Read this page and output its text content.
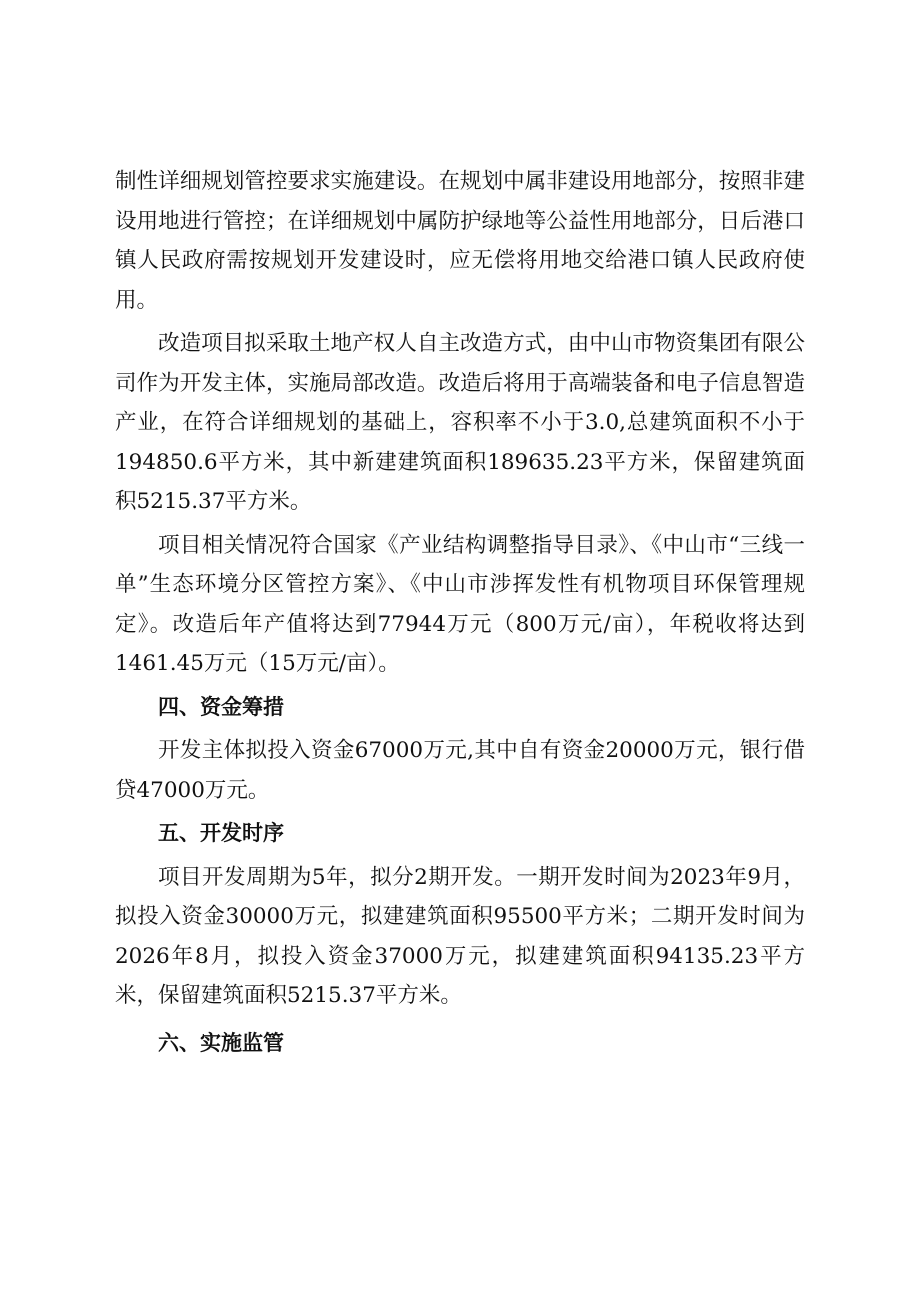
制性详细规划管控要求实施建设。在规划中属非建设用地部分，按照非建设用地进行管控；在详细规划中属防护绿地等公益性用地部分，日后港口镇人民政府需按规划开发建设时，应无偿将用地交给港口镇人民政府使用。

改造项目拟采取土地产权人自主改造方式，由中山市物资集团有限公司作为开发主体，实施局部改造。改造后将用于高端装备和电子信息智造产业，在符合详细规划的基础上，容积率不小于3.0,总建筑面积不小于194850.6平方米，其中新建建筑面积189635.23平方米，保留建筑面积5215.37平方米。

项目相关情况符合国家《产业结构调整指导目录》、《中山市“三线一单”生态环境分区管控方案》、《中山市涉挥发性有机物项目环保管理规定》。改造后年产值将达到77944万元（800万元/亩），年税收将达到1461.45万元（15万元/亩）。

四、资金筹措

开发主体拟投入资金67000万元,其中自有资金20000万元，银行借贷47000万元。

五、开发时序

项目开发周期为5年，拟分2期开发。一期开发时间为2023年9月，拟投入资金30000万元，拟建建筑面积95500平方米；二期开发时间为2026年8月，拟投入资金37000万元，拟建建筑面积94135.23平方米，保留建筑面积5215.37平方米。

六、实施监管
